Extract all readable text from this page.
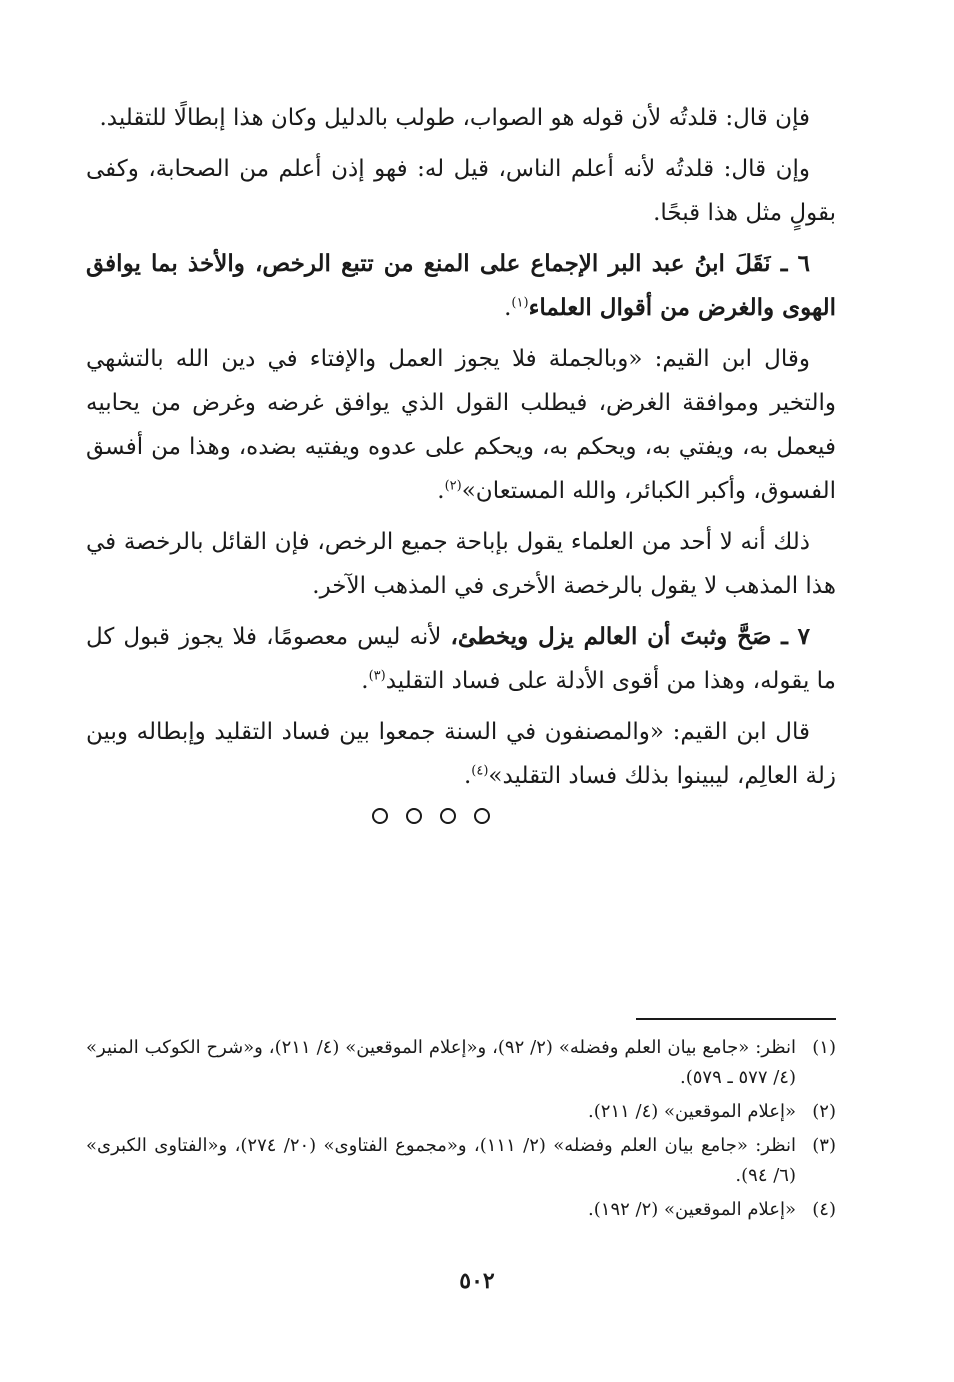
فإن قال: قلدتُه لأن قوله هو الصواب، طولب بالدليل وكان هذا إبطالًا للتقليد.

وإن قال: قلدتُه لأنه أعلم الناس، قيل له: فهو إذن أعلم من الصحابة، وكفى بقولٍ مثل هذا قبحًا.

٦ ـ نَقَلَ ابنُ عبد البر الإجماع على المنع من تتبع الرخص، والأخذ بما يوافق الهوى والغرض من أقوال العلماء$^{(١)}$.

وقال ابن القيم: «وبالجملة فلا يجوز العمل والإفتاء في دين الله بالتشهي والتخير وموافقة الغرض، فيطلب القول الذي يوافق غرضه وغرض من يحابيه فيعمل به، ويفتي به، ويحكم به، ويحكم على عدوه ويفتيه بضده، وهذا من أفسق الفسوق، وأكبر الكبائر، والله المستعان»$^{(٢)}$.

ذلك أنه لا أحد من العلماء يقول بإباحة جميع الرخص، فإن القائل بالرخصة في هذا المذهب لا يقول بالرخصة الأخرى في المذهب الآخر.

٧ ـ صَحَّ وثبتَ أن العالم يزل ويخطئ، لأنه ليس معصومًا، فلا يجوز قبول كل ما يقوله، وهذا من أقوى الأدلة على فساد التقليد$^{(٣)}$.

قال ابن القيم: «والمصنفون في السنة جمعوا بين فساد التقليد وإبطاله وبين زلة العالِم، ليبينوا بذلك فساد التقليد»$^{(٤)}$.

(١)
انظر: «جامع بيان العلم وفضله» (٢/ ٩٢)، و«إعلام الموقعين» (٤/ ٢١١)، و«شرح الكوكب المنير» (٤/ ٥٧٧ ـ ٥٧٩).
(٢)
«إعلام الموقعين» (٤/ ٢١١).
(٣)
انظر: «جامع بيان العلم وفضله» (٢/ ١١١)، و«مجموع الفتاوى» (٢٠/ ٢٧٤)، و«الفتاوى الكبرى» (٦/ ٩٤).
(٤)
«إعلام الموقعين» (٢/ ١٩٢).
٥٠٢
